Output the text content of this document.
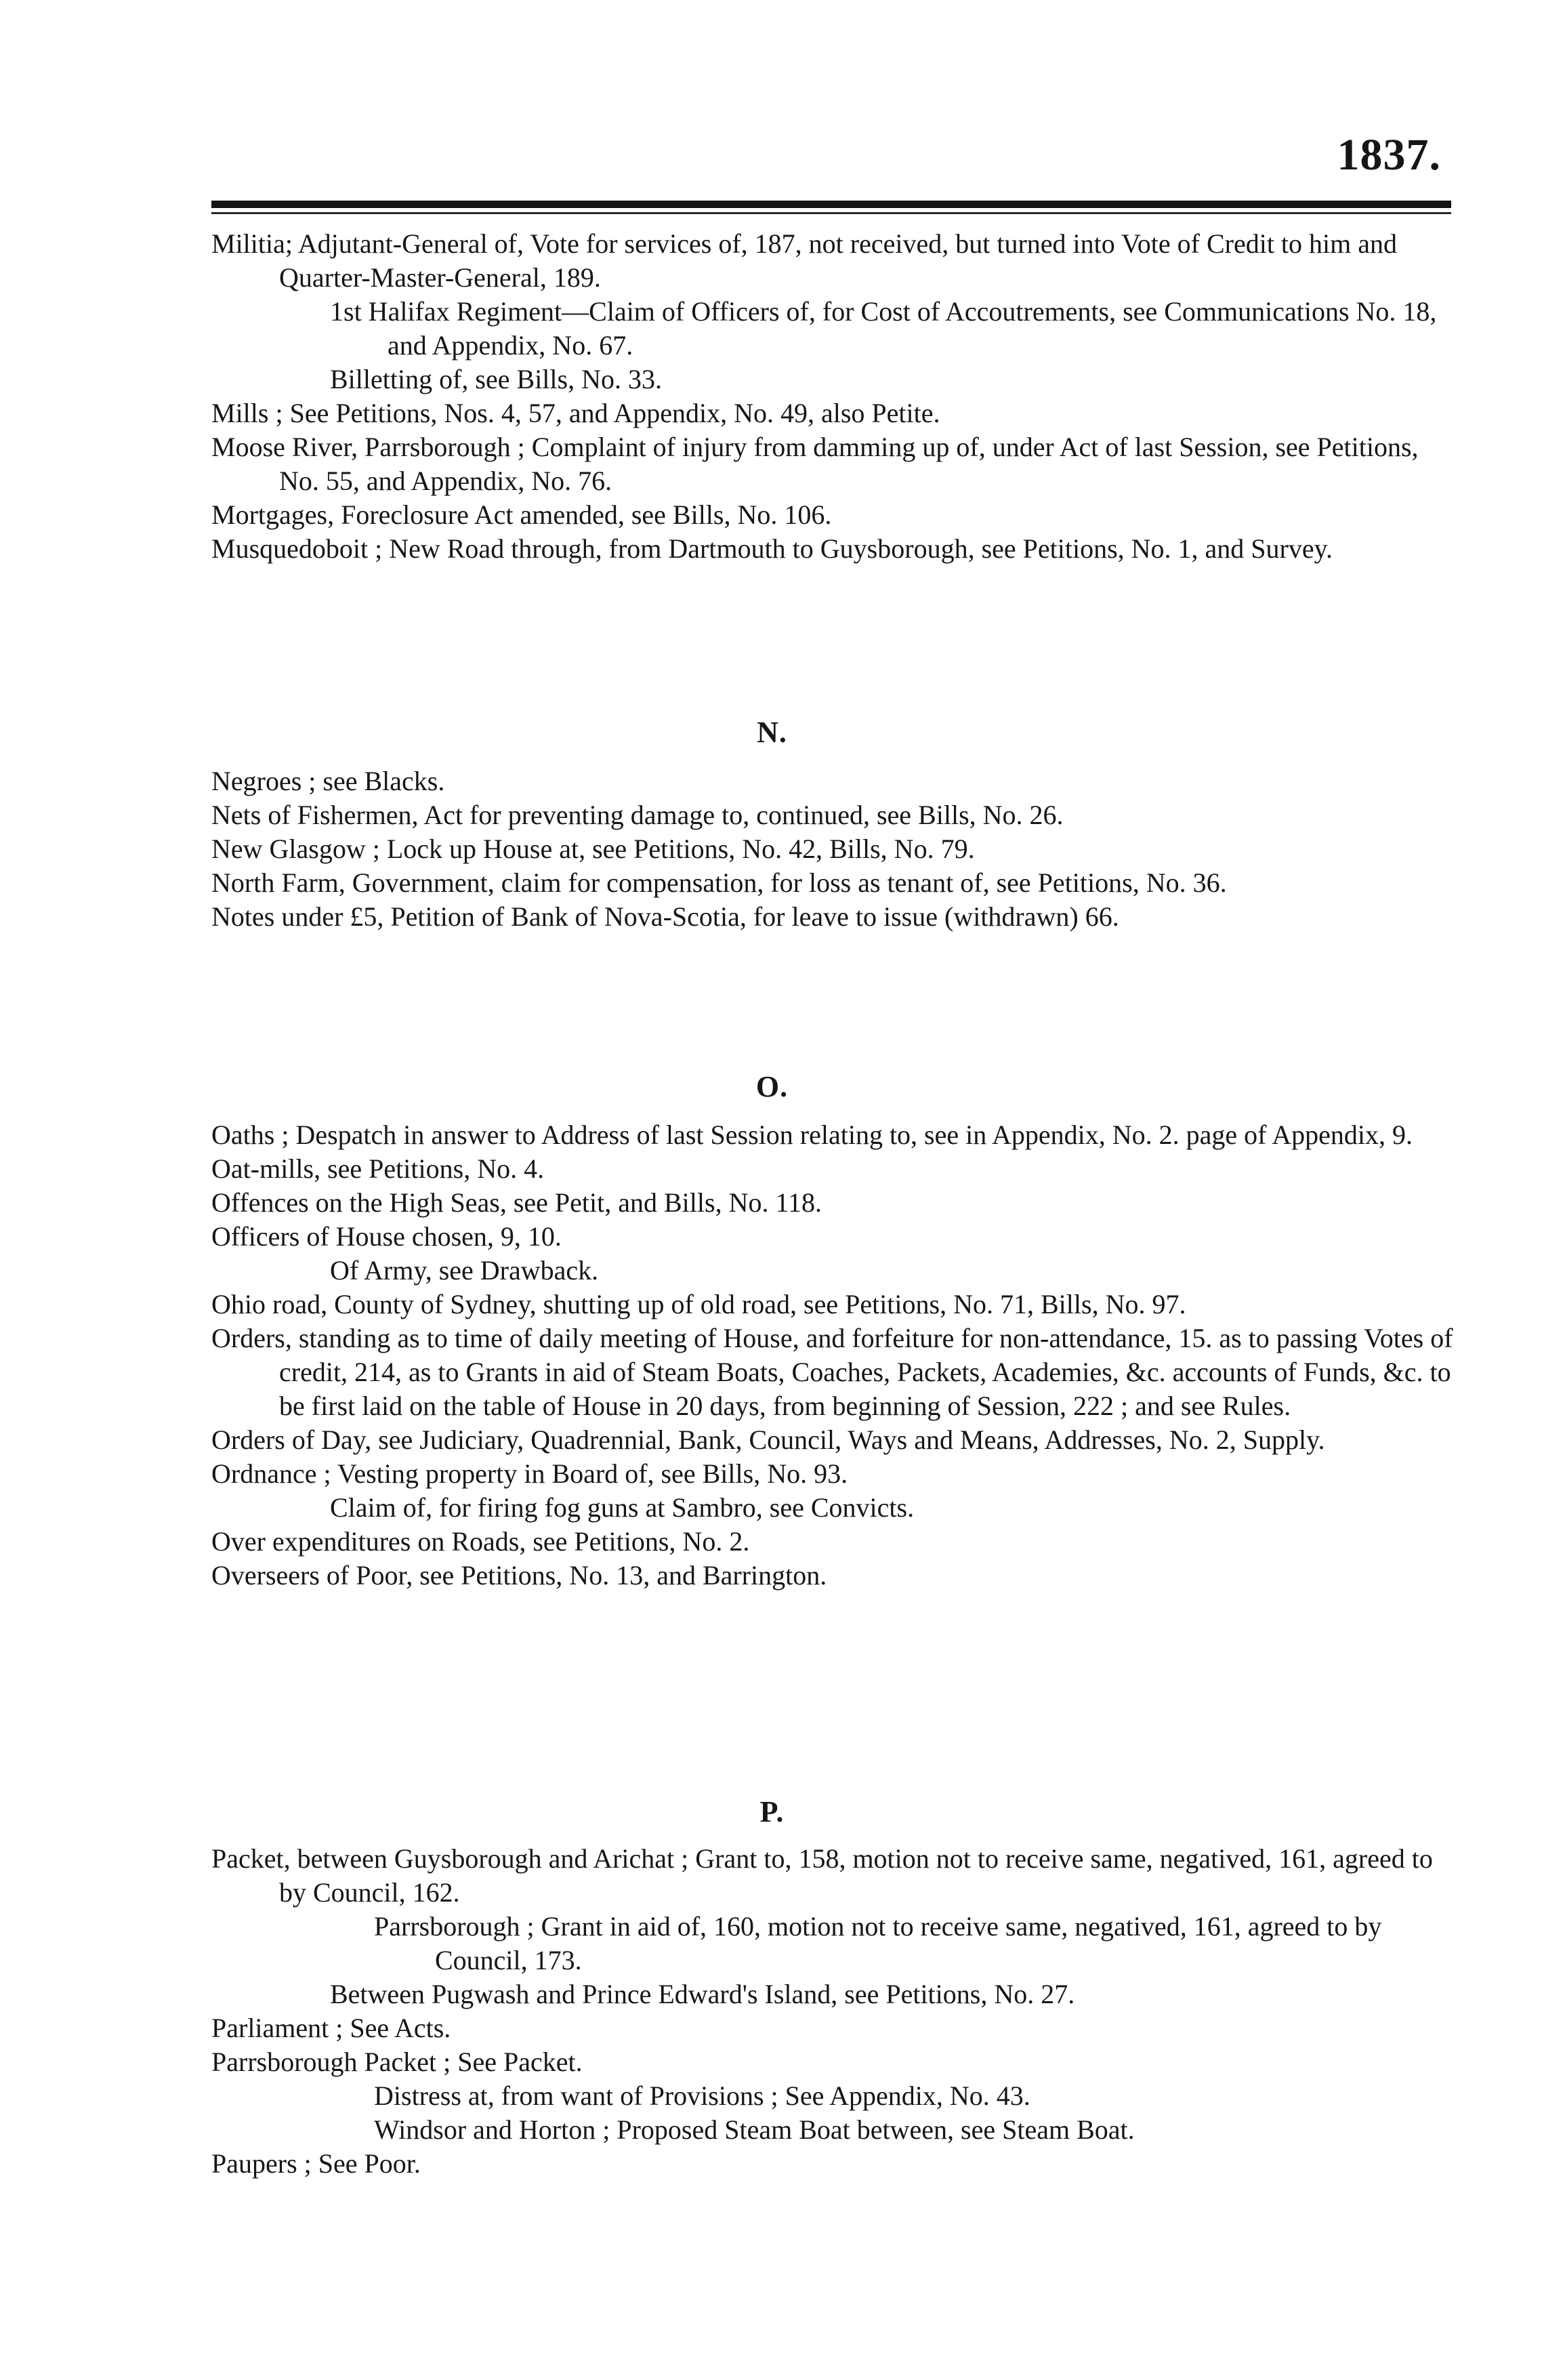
1837.
Militia; Adjutant-General of, Vote for services of, 187, not received, but turned into Vote of Credit to him and Quarter-Master-General, 189.
1st Halifax Regiment—Claim of Officers of, for Cost of Accoutrements, see Communications No. 18, and Appendix, No. 67.
Billetting of, see Bills, No. 33.
Mills ; See Petitions, Nos. 4, 57, and Appendix, No. 49, also Petite.
Moose River, Parrsborough ; Complaint of injury from damming up of, under Act of last Session, see Petitions, No. 55, and Appendix, No. 76.
Mortgages, Foreclosure Act amended, see Bills, No. 106.
Musquedoboit ; New Road through, from Dartmouth to Guysborough, see Petitions, No. 1, and Survey.
N.
Negroes ; see Blacks.
Nets of Fishermen, Act for preventing damage to, continued, see Bills, No. 26.
New Glasgow ; Lock up House at, see Petitions, No. 42, Bills, No. 79.
North Farm, Government, claim for compensation, for loss as tenant of, see Petitions, No. 36.
Notes under £5, Petition of Bank of Nova-Scotia, for leave to issue (withdrawn) 66.
O.
Oaths ; Despatch in answer to Address of last Session relating to, see in Appendix, No. 2. page of Appendix, 9.
Oat-mills, see Petitions, No. 4.
Offences on the High Seas, see Petit, and Bills, No. 118.
Officers of House chosen, 9, 10.
Of Army, see Drawback.
Ohio road, County of Sydney, shutting up of old road, see Petitions, No. 71, Bills, No. 97.
Orders, standing as to time of daily meeting of House, and forfeiture for non-attendance, 15. as to passing Votes of credit, 214, as to Grants in aid of Steam Boats, Coaches, Packets, Academies, &c. accounts of Funds, &c. to be first laid on the table of House in 20 days, from beginning of Session, 222 ; and see Rules.
Orders of Day, see Judiciary, Quadrennial, Bank, Council, Ways and Means, Addresses, No. 2, Supply.
Ordnance ; Vesting property in Board of, see Bills, No. 93.
Claim of, for firing fog guns at Sambro, see Convicts.
Over expenditures on Roads, see Petitions, No. 2.
Overseers of Poor, see Petitions, No. 13, and Barrington.
P.
Packet, between Guysborough and Arichat ; Grant to, 158, motion not to receive same, negatived, 161, agreed to by Council, 162.
Parrsborough ; Grant in aid of, 160, motion not to receive same, negatived, 161, agreed to by Council, 173.
Between Pugwash and Prince Edward's Island, see Petitions, No. 27.
Parliament ; See Acts.
Parrsborough Packet ; See Packet.
Distress at, from want of Provisions ; See Appendix, No. 43.
Windsor and Horton ; Proposed Steam Boat between, see Steam Boat.
Paupers ; See Poor.
